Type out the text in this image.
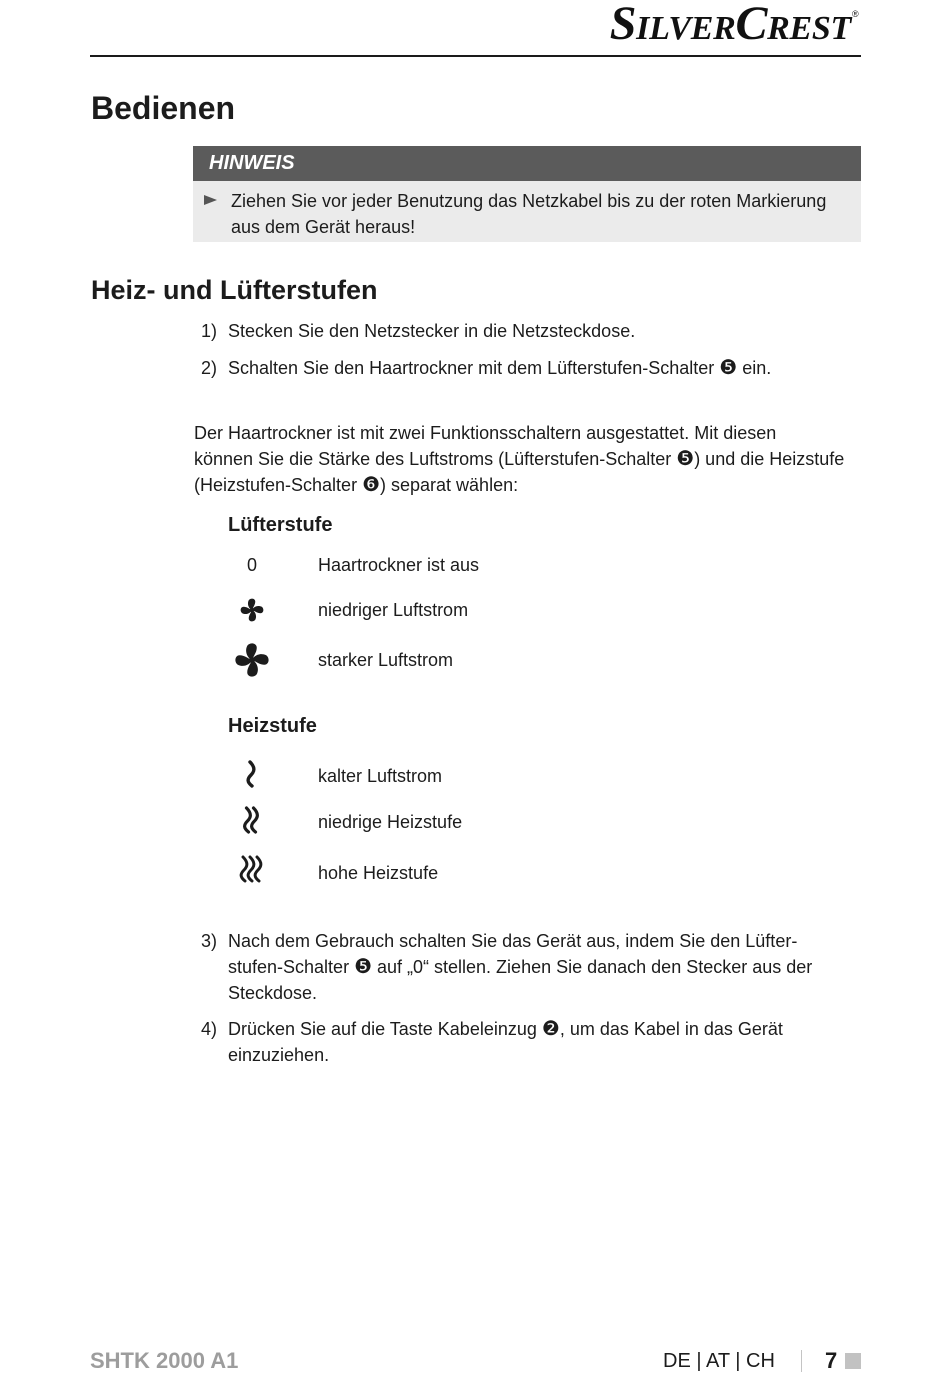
SilverCrest ®
Bedienen
HINWEIS
Ziehen Sie vor jeder Benutzung das Netzkabel bis zu der roten Markierung
aus dem Gerät heraus!
Heiz- und Lüfterstufen
1) Stecken Sie den Netzstecker in die Netzsteckdose.
2) Schalten Sie den Haartrockner mit dem Lüfterstufen-Schalter ❺ ein.
Der Haartrockner ist mit zwei Funktionsschaltern ausgestattet. Mit diesen
können Sie die Stärke des Luftstroms (Lüfterstufen-Schalter ❺) und die Heizstufe
(Heizstufen-Schalter ❻) separat wählen:
Lüfterstufe
0	Haartrockner ist aus
niedriger Luftstrom
starker Luftstrom
Heizstufe
kalter Luftstrom
niedrige Heizstufe
hohe Heizstufe
3) Nach dem Gebrauch schalten Sie das Gerät aus, indem Sie den Lüfter-
stufen-Schalter ❺ auf „0“ stellen. Ziehen Sie danach den Stecker aus der
Steckdose.
4) Drücken Sie auf die Taste Kabeleinzug ❷, um das Kabel in das Gerät
einzuziehen.
SHTK 2000 A1	DE | AT | CH 7
